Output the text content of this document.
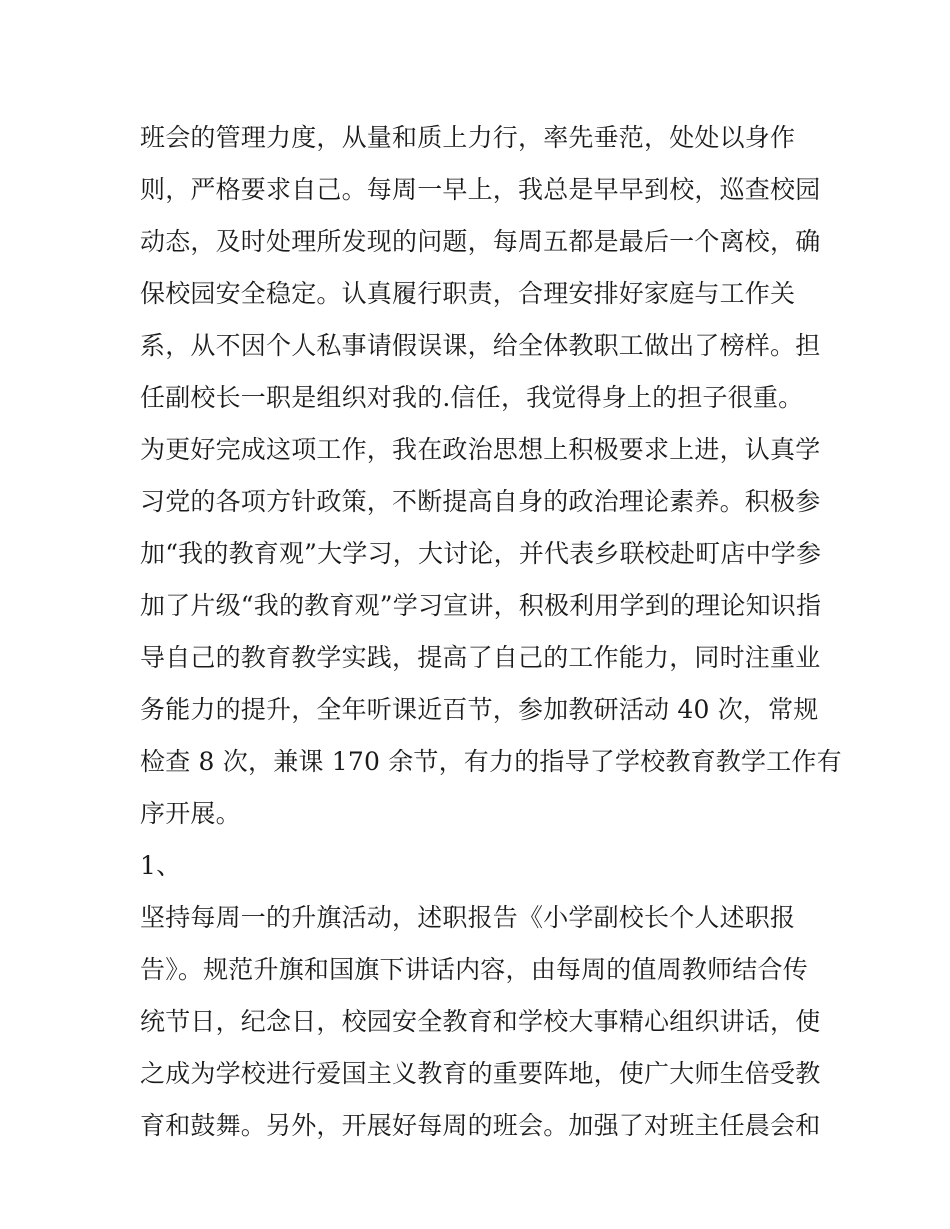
班会的管理力度，从量和质上力行，率先垂范，处处以身作
则，严格要求自己。每周一早上，我总是早早到校，巡查校园
动态，及时处理所发现的问题，每周五都是最后一个离校，确
保校园安全稳定。认真履行职责，合理安排好家庭与工作关
系，从不因个人私事请假误课，给全体教职工做出了榜样。担
任副校长一职是组织对我的.信任，我觉得身上的担子很重。
为更好完成这项工作，我在政治思想上积极要求上进，认真学
习党的各项方针政策，不断提高自身的政治理论素养。积极参
加“我的教育观”大学习，大讨论，并代表乡联校赴町店中学参
加了片级“我的教育观”学习宣讲，积极利用学到的理论知识指
导自己的教育教学实践，提高了自己的工作能力，同时注重业
务能力的提升，全年听课近百节，参加教研活动 40 次，常规
检查 8 次，兼课 170 余节，有力的指导了学校教育教学工作有
序开展。
1、
坚持每周一的升旗活动，述职报告《小学副校长个人述职报
告》。规范升旗和国旗下讲话内容，由每周的值周教师结合传
统节日，纪念日，校园安全教育和学校大事精心组织讲话，使
之成为学校进行爱国主义教育的重要阵地，使广大师生倍受教
育和鼓舞。另外，开展好每周的班会。加强了对班主任晨会和
